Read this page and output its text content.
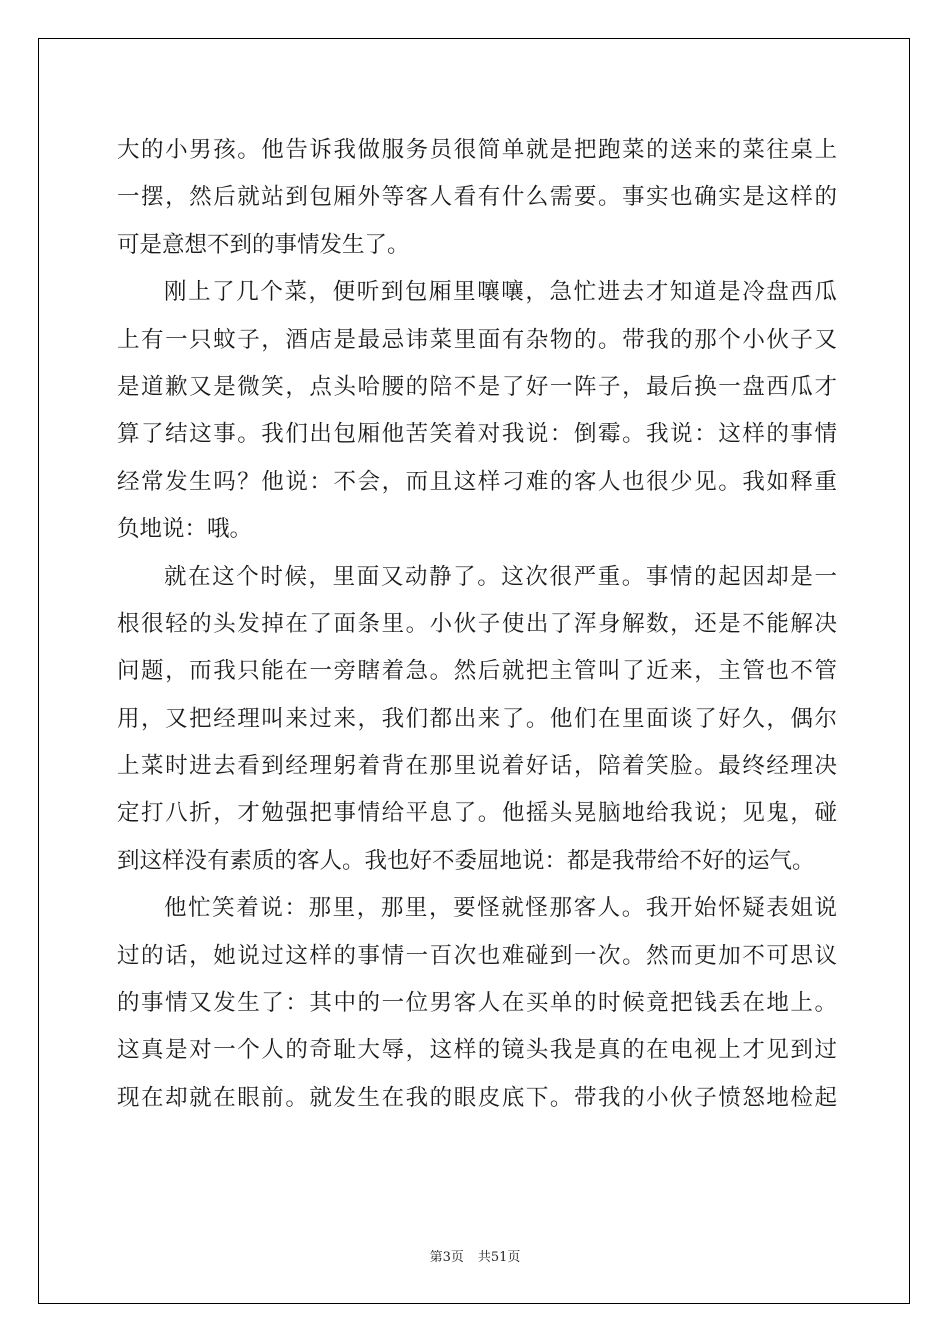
大的小男孩。他告诉我做服务员很简单就是把跑菜的送来的菜往桌上
一摆，然后就站到包厢外等客人看有什么需要。事实也确实是这样的
可是意想不到的事情发生了。
刚上了几个菜，便听到包厢里嚷嚷，急忙进去才知道是冷盘西瓜
上有一只蚊子，酒店是最忌讳菜里面有杂物的。带我的那个小伙子又
是道歉又是微笑，点头哈腰的陪不是了好一阵子，最后换一盘西瓜才
算了结这事。我们出包厢他苦笑着对我说：倒霉。我说：这样的事情
经常发生吗？他说：不会，而且这样刁难的客人也很少见。我如释重
负地说：哦。
就在这个时候，里面又动静了。这次很严重。事情的起因却是一
根很轻的头发掉在了面条里。小伙子使出了浑身解数，还是不能解决
问题，而我只能在一旁瞎着急。然后就把主管叫了近来，主管也不管
用，又把经理叫来过来，我们都出来了。他们在里面谈了好久，偶尔
上菜时进去看到经理躬着背在那里说着好话，陪着笑脸。最终经理决
定打八折，才勉强把事情给平息了。他摇头晃脑地给我说；见鬼，碰
到这样没有素质的客人。我也好不委屈地说：都是我带给不好的运气。
他忙笑着说：那里，那里，要怪就怪那客人。我开始怀疑表姐说
过的话，她说过这样的事情一百次也难碰到一次。然而更加不可思议
的事情又发生了：其中的一位男客人在买单的时候竟把钱丢在地上。
这真是对一个人的奇耻大辱，这样的镜头我是真的在电视上才见到过
现在却就在眼前。就发生在我的眼皮底下。带我的小伙子愤怒地检起
第3页 共51页
